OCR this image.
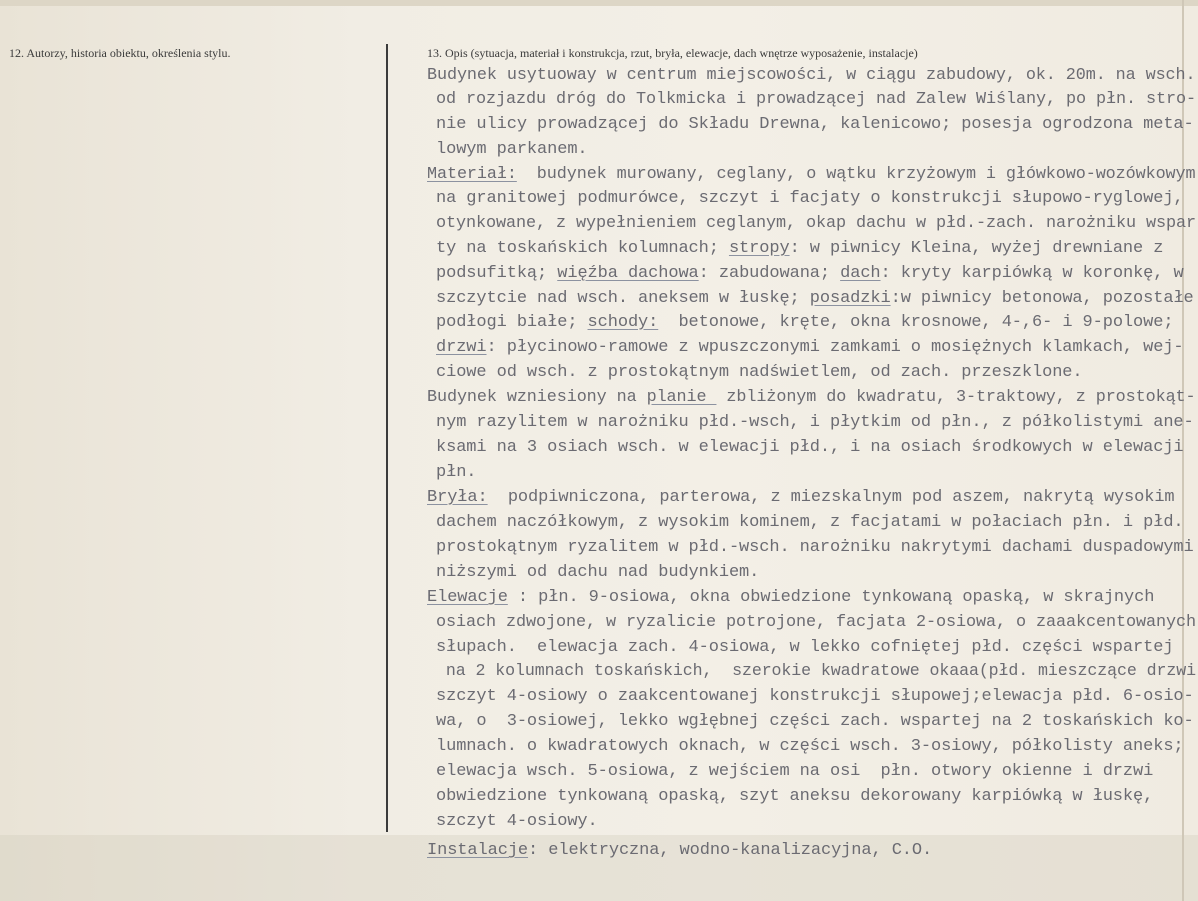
12. Autorzy, historia obiektu, określenia stylu.	13. Opis (sytuacja, materiał i konstrukcja, rzut, bryła, elewacje, dach wnętrze wyposażenie, instalacje)
Budynek usytuoway w centrum miejscowości, w ciągu zabudowy, ok. 20m. na wsch.
od rozjazdu dróg do Tolkmicka i prowadzącej nad Zalew Wiślany, po płn. stro-
nie ulicy prowadzącej do Składu Drewna, kalenicowo; posesja ogrodzona meta-
lowym parkanem.
Materiał:  budynek murowany, ceglany, o wątku krzyżowym i główkowo-wozówkowym
na granitowej podmurówce, szczyt i facjaty o konstrukcji słupowo-ryglowej,
otynkowane, z wypełnieniem ceglanym, okap dachu w płd.-zach. narożniku wspar
ty na toskańskich kolumnach; stropy: w piwnicy Kleina, wyżej drewniane z
podsufitką; więźba dachowa: zabudowana; dach: kryty karpiówką w koronkę, w
szczytcie nad wsch. aneksem w łuskę; posadzki:w piwnicy betonowa, pozostałe
podłogi białe; schody:  betonowe, kręte, okna krosnowe, 4-,6- i 9-polowe;
drzwi: płycinowo-ramowe z wpuszczonymi zamkami o mosiężnych klamkach, wej-
ciowe od wsch. z prostokątnym nadświetlem, od zach. przeszklone.
Budynek wzniesiony na planie  zbliżonym do kwadratu, 3-traktowy, z prostokąt-
nym razylitem w narożniku płd.-wsch, i płytkim od płn., z półkolistymi ane-
ksami na 3 osiach wsch. w elewacji płd., i na osiach środkowych w elewacji
płn.
Bryła:  podpiwniczona, parterowa, z miezskalnym pod aszem, nakrytą wysokim
dachem naczółkowym, z wysokim kominem, z facjatami w połaciach płn. i płd.
prostokątnym ryzalitem w płd.-wsch. narożniku nakrytymi dachami duspadowymi
niższymi od dachu nad budynkiem.
Elewacje : płn. 9-osiowa, okna obwiedzione tynkowaną opaską, w skrajnych
osiach zdwojone, w ryzalicie potrojone, facjata 2-osiowa, o zaaakcentowanych
słupach.  elewacja zach. 4-osiowa, w lekko cofniętej płd. części wspartej
na 2 kolumnach toskańskich,  szerokie kwadratowe okaaa(płd. mieszczące drzwi
szczyt 4-osiowy o zaakcentowanej konstrukcji słupowej;elewacja płd. 6-osio-
wa, o  3-osiowej, lekko wgłębnej części zach. wspartej na 2 toskańskich ko-
lumnach. o kwadratowych oknach, w części wsch. 3-osiowy, półkolisty aneks;
elewacja wsch. 5-osiowa, z wejściem na osi  płn. otwory okienne i drzwi
obwiedzione tynkowaną opaską, szyt aneksu dekorowany karpiówką w łuskę,
szczyt 4-osiowy.
Instalacje: elektryczna, wodno-kanalizacyjna, C.O.
